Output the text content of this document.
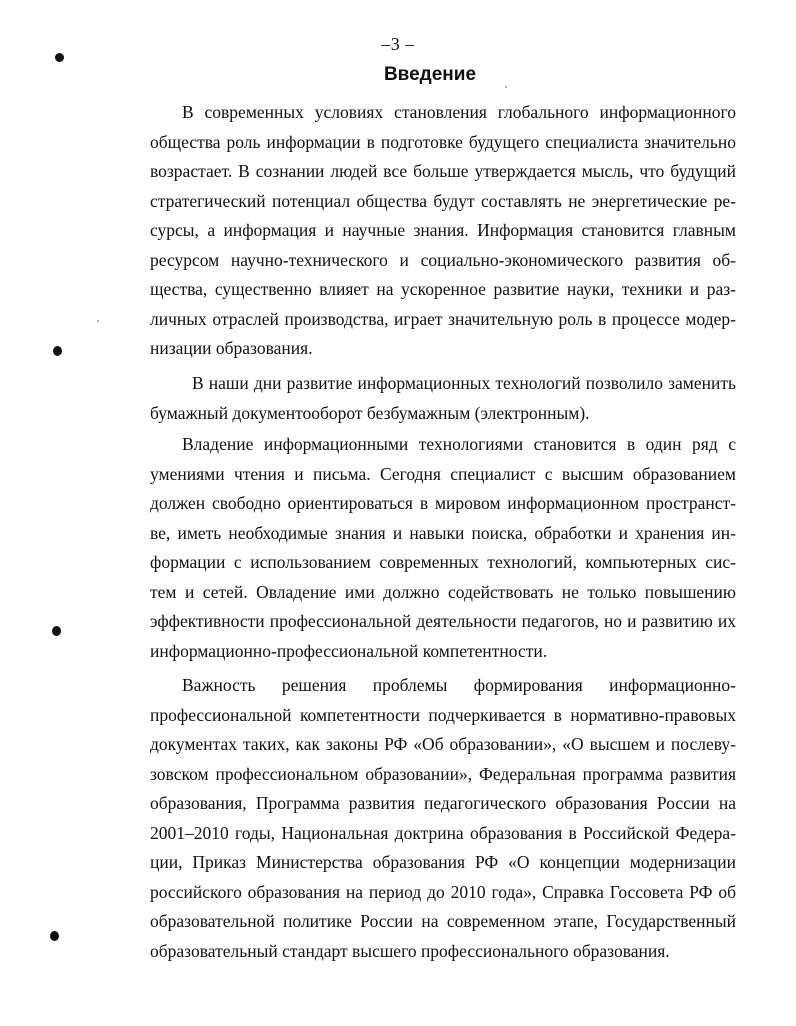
–3 –
Введение
В современных условиях становления глобального информационного
общества роль информации в подготовке будущего специалиста значительно
возрастает. В сознании людей все больше утверждается мысль, что будущий
стратегический потенциал общества будут составлять не энергетические ре-
сурсы, а информация и научные знания. Информация становится главным
ресурсом научно-технического и социально-экономического развития об-
щества, существенно влияет на ускоренное развитие науки, техники и раз-
личных отраслей производства, играет значительную роль в процессе модер-
низации образования.
В наши дни развитие информационных технологий позволило заменить
бумажный документооборот безбумажным (электронным).
Владение информационными технологиями становится в один ряд с
умениями чтения и письма. Сегодня специалист с высшим образованием
должен свободно ориентироваться в мировом информационном пространст-
ве, иметь необходимые знания и навыки поиска, обработки и хранения ин-
формации с использованием современных технологий, компьютерных сис-
тем и сетей. Овладение ими должно содействовать не только повышению
эффективности профессиональной деятельности педагогов, но и развитию их
информационно-профессиональной компетентности.
Важность решения проблемы формирования информационно-
профессиональной компетентности подчеркивается в нормативно-правовых
документах таких, как законы РФ «Об образовании», «О высшем и послеву-
зовском профессиональном образовании», Федеральная программа развития
образования, Программа развития педагогического образования России на
2001–2010 годы, Национальная доктрина образования в Российской Федера-
ции, Приказ Министерства образования РФ «О концепции модернизации
российского образования на период до 2010 года», Справка Госсовета РФ об
образовательной политике России на современном этапе, Государственный
образовательный стандарт высшего профессионального образования.
